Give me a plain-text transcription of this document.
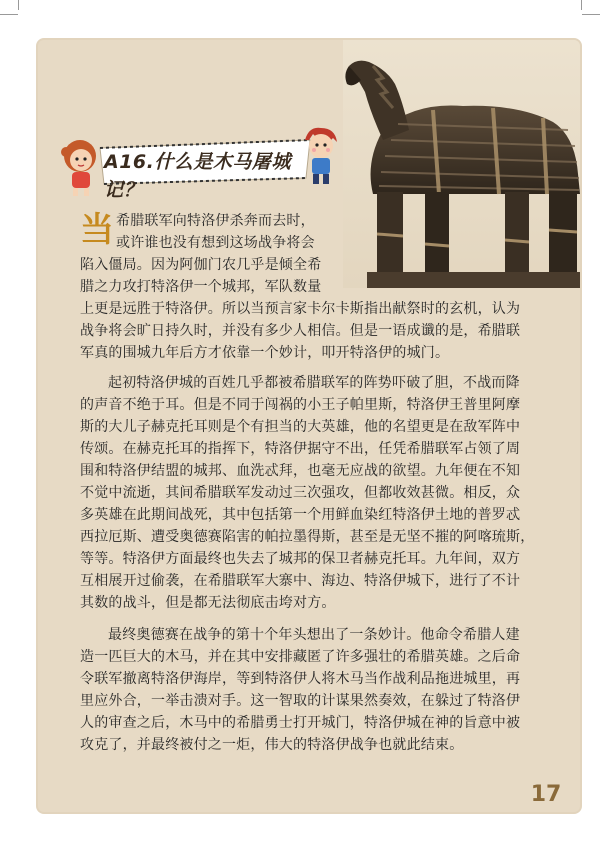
A16.什么是木马屠城记？
当 希腊联军向特洛伊杀奔而去时，
或许谁也没有想到这场战争将会
陷入僵局。因为阿伽门农几乎是倾全希
腊之力攻打特洛伊一个城邦，军队数量
上更是远胜于特洛伊。所以当预言家卡尔卡斯指出献祭时的玄机，认为
战争将会旷日持久时，并没有多少人相信。但是一语成谶的是，希腊联
军真的围城九年后方才依靠一个妙计，叩开特洛伊的城门。
起初特洛伊城的百姓几乎都被希腊联军的阵势吓破了胆，不战而降
的声音不绝于耳。但是不同于闯祸的小王子帕里斯，特洛伊王普里阿摩
斯的大儿子赫克托耳则是个有担当的大英雄，他的名望更是在敌军阵中
传颂。在赫克托耳的指挥下，特洛伊据守不出，任凭希腊联军占领了周
围和特洛伊结盟的城邦、血洗忒拜，也毫无应战的欲望。九年便在不知
不觉中流逝，其间希腊联军发动过三次强攻，但都收效甚微。相反，众
多英雄在此期间战死，其中包括第一个用鲜血染红特洛伊土地的普罗忒
西拉厄斯、遭受奥德赛陷害的帕拉墨得斯，甚至是无坚不摧的阿喀琉斯，
等等。特洛伊方面最终也失去了城邦的保卫者赫克托耳。九年间，双方
互相展开过偷袭，在希腊联军大寨中、海边、特洛伊城下，进行了不计
其数的战斗，但是都无法彻底击垮对方。
最终奥德赛在战争的第十个年头想出了一条妙计。他命令希腊人建
造一匹巨大的木马，并在其中安排藏匿了许多强壮的希腊英雄。之后命
令联军撤离特洛伊海岸，等到特洛伊人将木马当作战利品拖进城里，再
里应外合，一举击溃对手。这一智取的计谋果然奏效，在躲过了特洛伊
人的审查之后，木马中的希腊勇士打开城门，特洛伊城在神的旨意中被
攻克了，并最终被付之一炬，伟大的特洛伊战争也就此结束。
17
